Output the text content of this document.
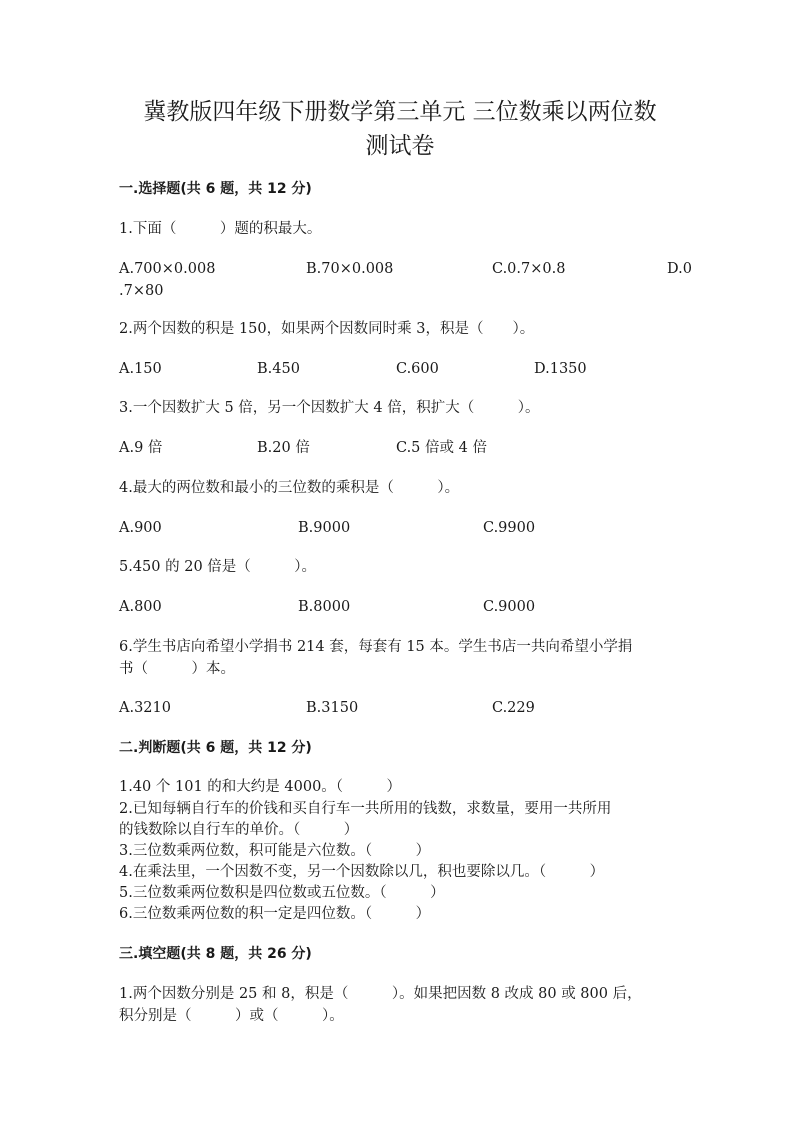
冀教版四年级下册数学第三单元 三位数乘以两位数
测试卷
一.选择题(共 6 题，共 12 分)
1.下面（　　　）题的积最大。
A.700×0.008	B.70×0.008	C.0.7×0.8	D.0
.7×80
2.两个因数的积是 150，如果两个因数同时乘 3，积是（　　）。
A.150	B.450	C.600	D.1350
3.一个因数扩大 5 倍，另一个因数扩大 4 倍，积扩大（　　　）。
A.9 倍	B.20 倍	C.5 倍或 4 倍
4.最大的两位数和最小的三位数的乘积是（　　　）。
A.900	B.9000	C.9900
5.450 的 20 倍是（　　　）。
A.800	B.8000	C.9000
6.学生书店向希望小学捐书 214 套，每套有 15 本。学生书店一共向希望小学捐
书（　　　）本。
A.3210	B.3150	C.229
二.判断题(共 6 题，共 12 分)
1.40 个 101 的和大约是 4000。（　　　）
2.已知每辆自行车的价钱和买自行车一共所用的钱数，求数量，要用一共所用
的钱数除以自行车的单价。（　　　）
3.三位数乘两位数，积可能是六位数。（　　　）
4.在乘法里，一个因数不变，另一个因数除以几，积也要除以几。（　　　）
5.三位数乘两位数积是四位数或五位数。（　　　）
6.三位数乘两位数的积一定是四位数。（　　　）
三.填空题(共 8 题，共 26 分)
1.两个因数分别是 25 和 8，积是（　　　）。如果把因数 8 改成 80 或 800 后，
积分别是（　　　）或（　　　）。
